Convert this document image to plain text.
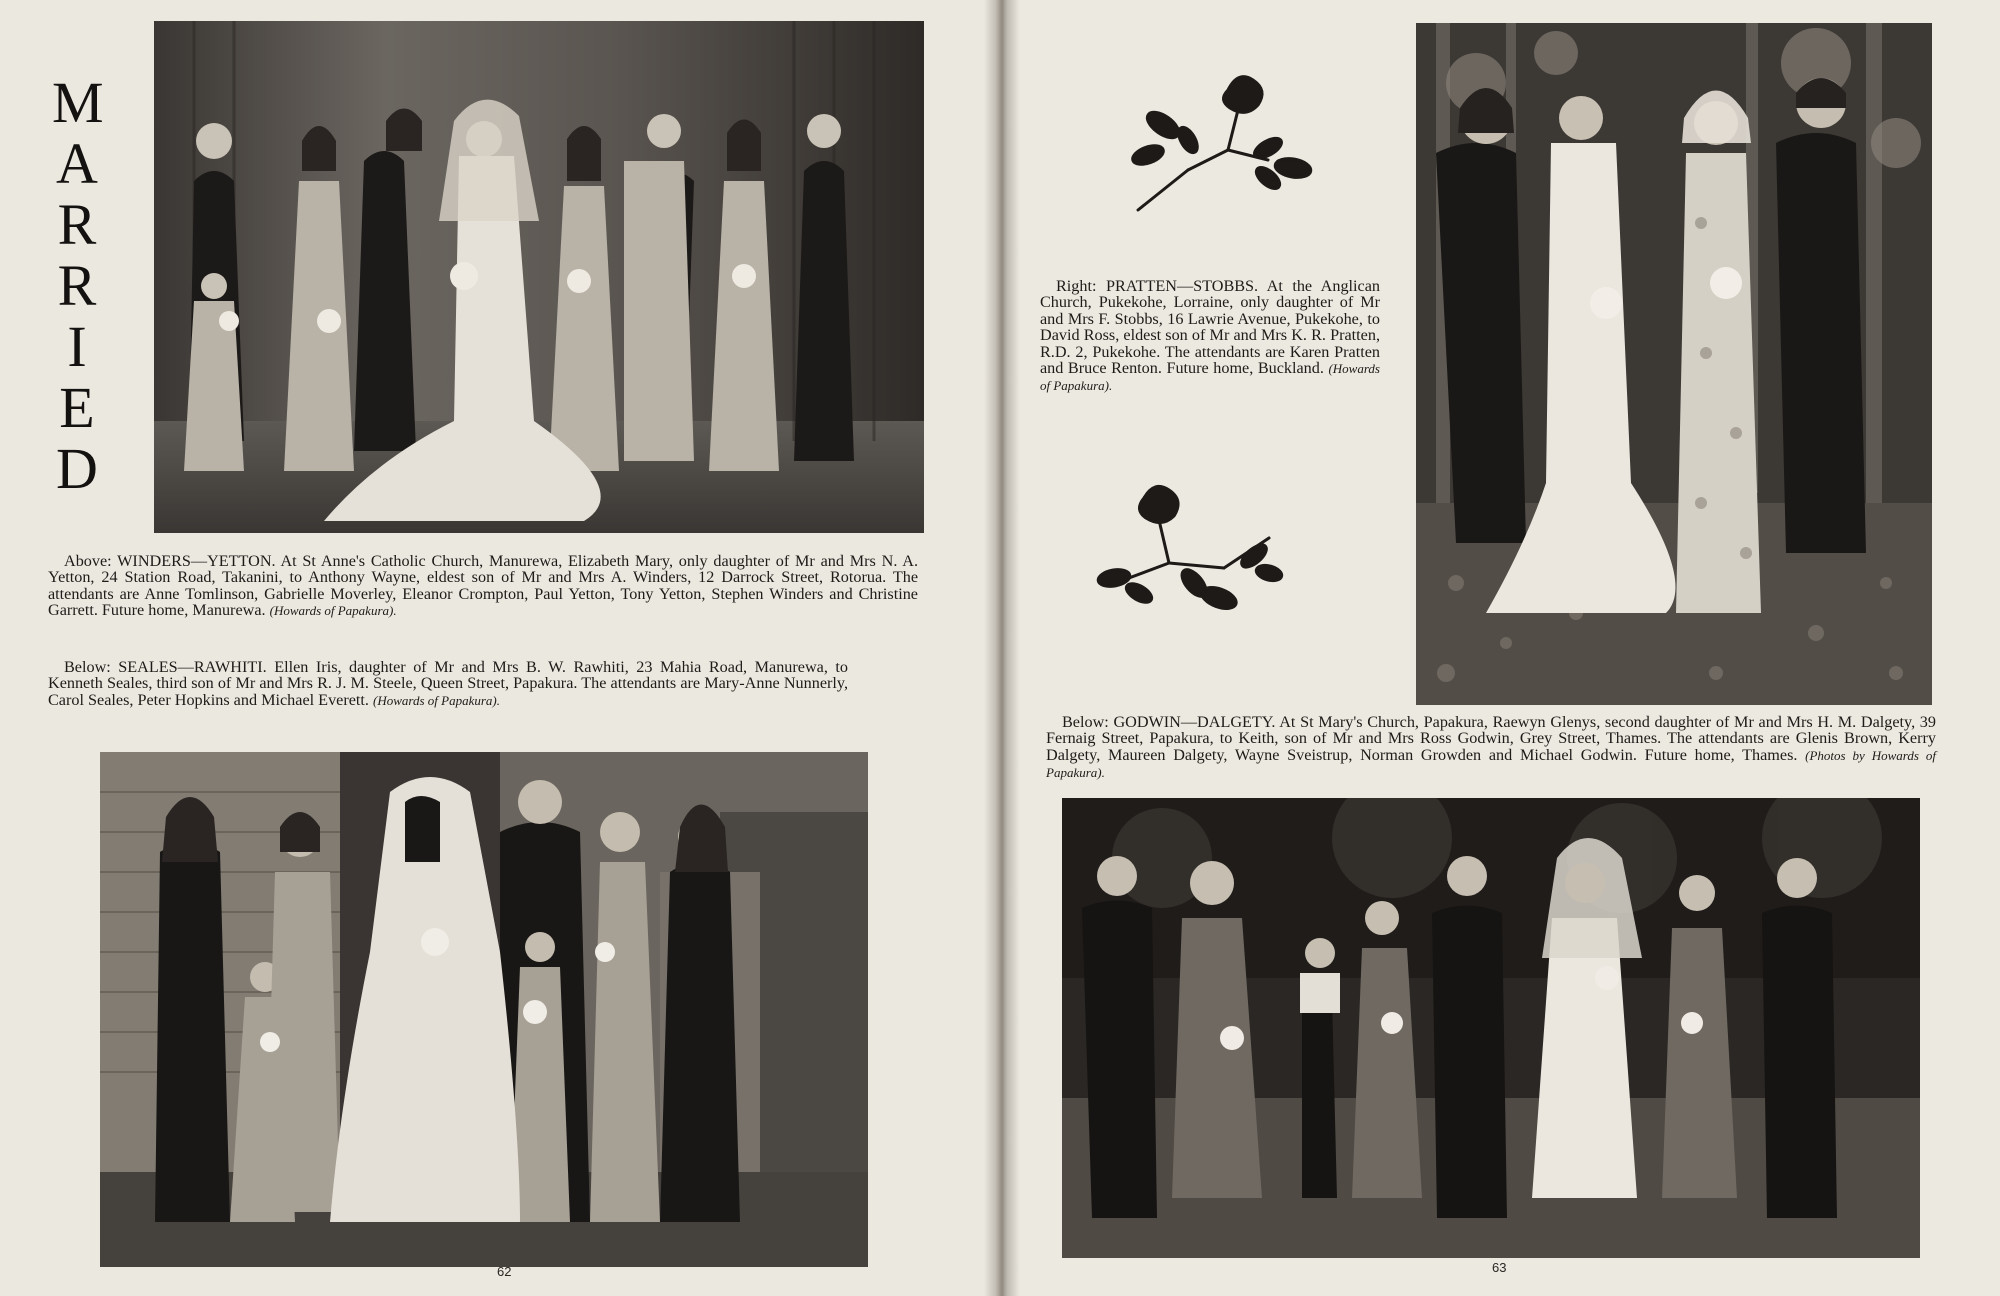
M
A
R
R
I
E
D
Above: WINDERS—YETTON. At St Anne's Catholic Church, Manurewa, Elizabeth Mary, only daughter of Mr and Mrs N. A. Yetton, 24 Station Road, Takanini, to Anthony Wayne, eldest son of Mr and Mrs A. Winders, 12 Darrock Street, Rotorua. The attendants are Anne Tomlinson, Gabrielle Moverley, Eleanor Crompton, Paul Yetton, Tony Yetton, Stephen Winders and Christine Garrett. Future home, Manurewa. (Howards of Papakura).
Below: SEALES—RAWHITI. Ellen Iris, daughter of Mr and Mrs B. W. Rawhiti, 23 Mahia Road, Manurewa, to Kenneth Seales, third son of Mr and Mrs R. J. M. Steele, Queen Street, Papakura. The attendants are Mary-Anne Nunnerly, Carol Seales, Peter Hopkins and Michael Everett. (Howards of Papakura).
62
Right: PRATTEN—STOBBS. At the Anglican Church, Pukekohe, Lorraine, only daughter of Mr and Mrs F. Stobbs, 16 Lawrie Avenue, Pukekohe, to David Ross, eldest son of Mr and Mrs K. R. Pratten, R.D. 2, Pukekohe. The attendants are Karen Pratten and Bruce Renton. Future home, Buckland. (Howards of Papakura).
Below: GODWIN—DALGETY. At St Mary's Church, Papakura, Raewyn Glenys, second daughter of Mr and Mrs H. M. Dalgety, 39 Fernaig Street, Papakura, to Keith, son of Mr and Mrs Ross Godwin, Grey Street, Thames. The attendants are Glenis Brown, Kerry Dalgety, Maureen Dalgety, Wayne Sveistrup, Norman Growden and Michael Godwin. Future home, Thames. (Photos by Howards of Papakura).
63
